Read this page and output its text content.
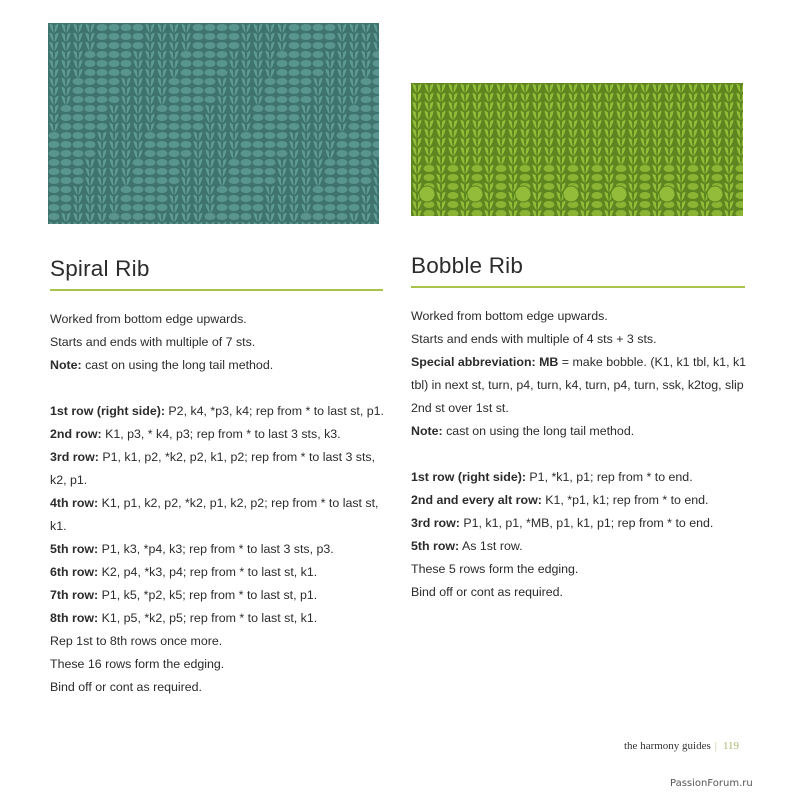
Spiral Rib

Worked from bottom edge upwards.

Starts and ends with multiple of 7 sts.

Note: cast on using the long tail method.

1st row (right side): P2, k4, *p3, k4; rep from * to last st, p1.

2nd row: K1, p3, * k4, p3; rep from * to last 3 sts, k3.

3rd row: P1, k1, p2, *k2, p2, k1, p2; rep from * to last 3 sts, k2, p1.

4th row: K1, p1, k2, p2, *k2, p1, k2, p2; rep from * to last st, k1.

5th row: P1, k3, *p4, k3; rep from * to last 3 sts, p3.

6th row: K2, p4, *k3, p4; rep from * to last st, k1.

7th row: P1, k5, *p2, k5; rep from * to last st, p1.

8th row: K1, p5, *k2, p5; rep from * to last st, k1.

Rep 1st to 8th rows once more.

These 16 rows form the edging.

Bind off or cont as required.

Bobble Rib

Worked from bottom edge upwards.

Starts and ends with multiple of 4 sts + 3 sts.

Special abbreviation: MB = make bobble. (K1, k1 tbl, k1, k1 tbl) in next st, turn, p4, turn, k4, turn, p4, turn, ssk, k2tog, slip 2nd st over 1st st.

Note: cast on using the long tail method.

1st row (right side): P1, *k1, p1; rep from * to end.

2nd and every alt row: K1, *p1, k1; rep from * to end.

3rd row: P1, k1, p1, *MB, p1, k1, p1; rep from * to end.

5th row: As 1st row.

These 5 rows form the edging.

Bind off or cont as required.

the harmony guides | 119
PassionForum.ru
